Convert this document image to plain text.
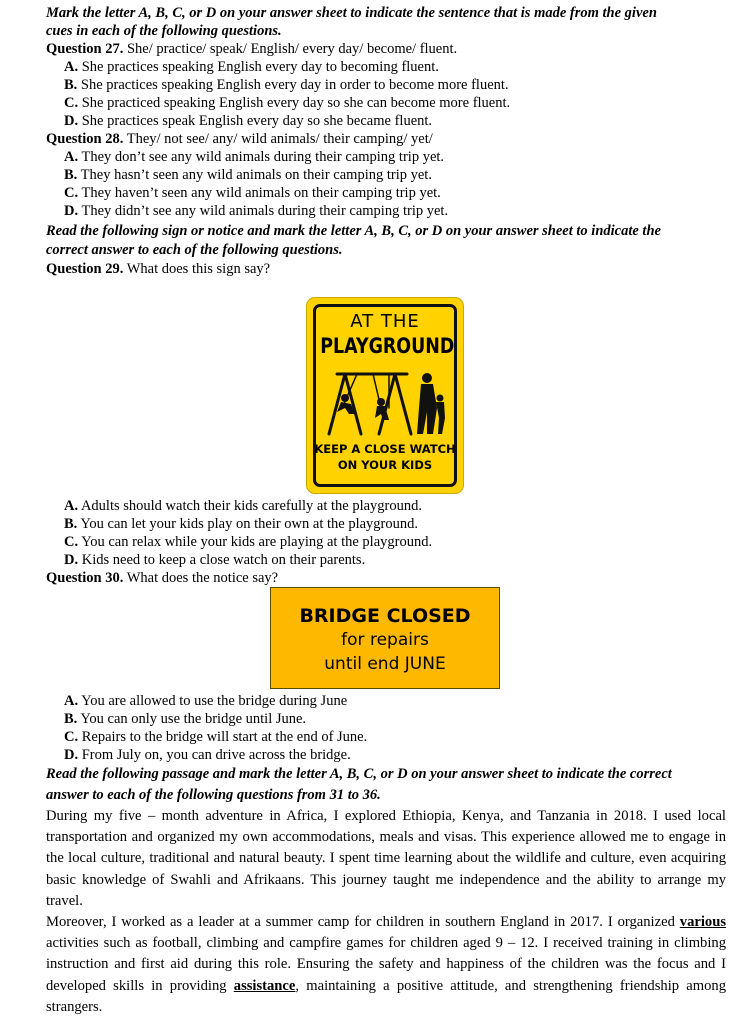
Mark the letter A, B, C, or D on your answer sheet to indicate the sentence that is made from the given
cues in each of the following questions.
Question 27. She/ practice/ speak/ English/ every day/ become/ fluent.
A. She practices speaking English every day to becoming fluent.
B. She practices speaking English every day in order to become more fluent.
C. She practiced speaking English every day so she can become more fluent.
D. She practices speak English every day so she became fluent.
Question 28. They/ not see/ any/ wild animals/ their camping/ yet/
A. They don’t see any wild animals during their camping trip yet.
B. They hasn’t seen any wild animals on their camping trip yet.
C. They haven’t seen any wild animals on their camping trip yet.
D. They didn’t see any wild animals during their camping trip yet.
Read the following sign or notice and mark the letter A, B, C, or D on your answer sheet to indicate the
correct answer to each of the following questions.
Question 29. What does this sign say?
AT THE
PLAYGROUND
KEEP A CLOSE WATCH
ON YOUR KIDS
A. Adults should watch their kids carefully at the playground.
B. You can let your kids play on their own at the playground.
C. You can relax while your kids are playing at the playground.
D. Kids need to keep a close watch on their parents.
Question 30. What does the notice say?
BRIDGE CLOSED
for repairs
until end JUNE
A. You are allowed to use the bridge during June
B. You can only use the bridge until June.
C. Repairs to the bridge will start at the end of June.
D. From July on, you can drive across the bridge.
Read the following passage and mark the letter A, B, C, or D on your answer sheet to indicate the correct
answer to each of the following questions from 31 to 36.
During my five – month adventure in Africa, I explored Ethiopia, Kenya, and Tanzania in 2018. I used local transportation and organized my own accommodations, meals and visas. This experience allowed me to engage in the local culture, traditional and natural beauty. I spent time learning about the wildlife and culture, even acquiring basic knowledge of Swahli and Afrikaans. This journey taught me independence and the ability to arrange my travel.
Moreover, I worked as a leader at a summer camp for children in southern England in 2017. I organized various activities such as football, climbing and campfire games for children aged 9 – 12. I received training in climbing instruction and first aid during this role. Ensuring the safety and happiness of the children was the focus and I developed skills in providing assistance, maintaining a positive attitude, and strengthening friendship among strangers.
